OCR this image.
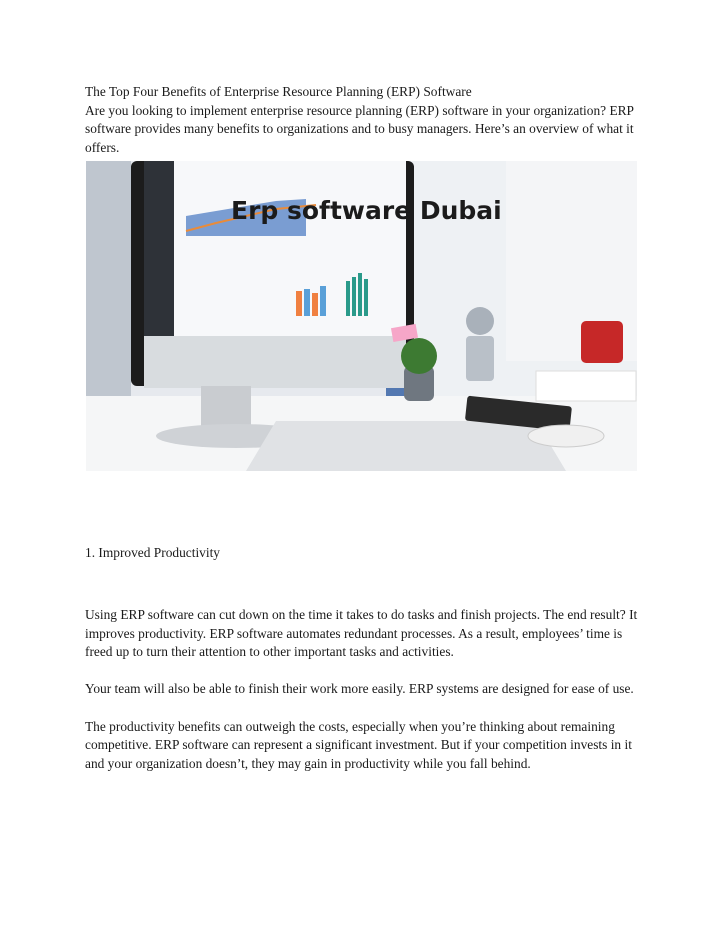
The Top Four Benefits of Enterprise Resource Planning (ERP) Software

Are you looking to implement enterprise resource planning (ERP) software in your organization? ERP software provides many benefits to organizations and to busy managers. Here’s an overview of what it offers.

Erp software Dubai

1. Improved Productivity

Using ERP software can cut down on the time it takes to do tasks and finish projects. The end result? It improves productivity. ERP software automates redundant processes. As a result, employees’ time is freed up to turn their attention to other important tasks and activities.

Your team will also be able to finish their work more easily. ERP systems are designed for ease of use.

The productivity benefits can outweigh the costs, especially when you’re thinking about remaining competitive. ERP software can represent a significant investment. But if your competition invests in it and your organization doesn’t, they may gain in productivity while you fall behind.
